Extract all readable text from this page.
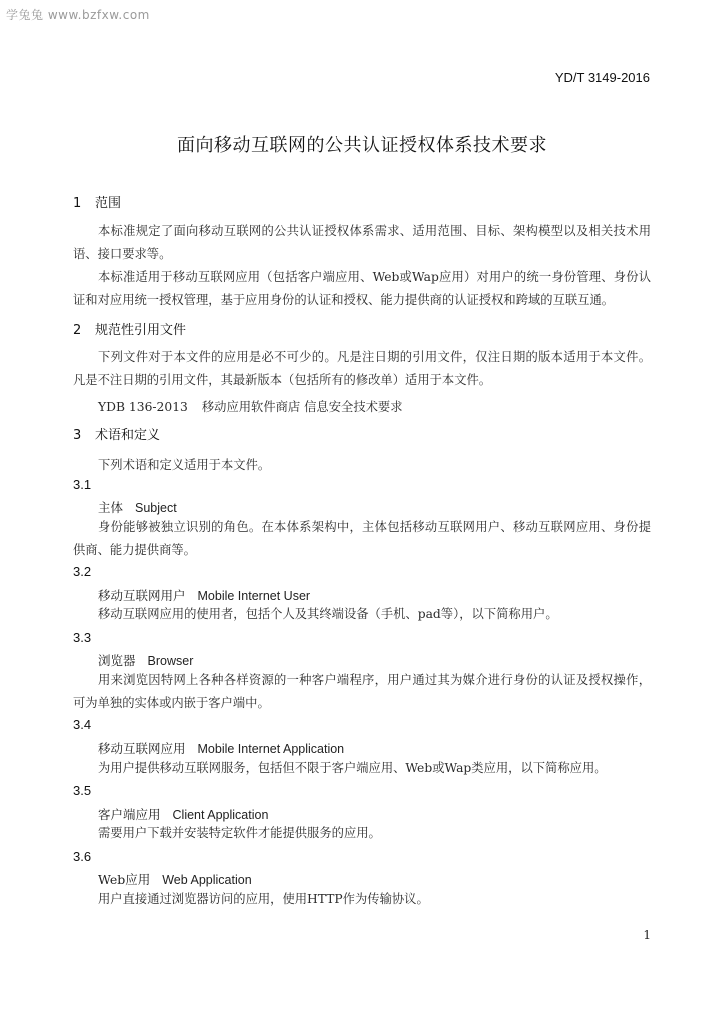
学兔兔 www.bzfxw.com
YD/T 3149-2016
面向移动互联网的公共认证授权体系技术要求
1 范围
本标准规定了面向移动互联网的公共认证授权体系需求、适用范围、目标、架构模型以及相关技术用语、接口要求等。
本标准适用于移动互联网应用（包括客户端应用、Web或Wap应用）对用户的统一身份管理、身份认证和对应用统一授权管理，基于应用身份的认证和授权、能力提供商的认证授权和跨域的互联互通。
2 规范性引用文件
下列文件对于本文件的应用是必不可少的。凡是注日期的引用文件，仅注日期的版本适用于本文件。凡是不注日期的引用文件，其最新版本（包括所有的修改单）适用于本文件。
YDB 136-2013 移动应用软件商店 信息安全技术要求
3 术语和定义
下列术语和定义适用于本文件。
3.1
主体 Subject
身份能够被独立识别的角色。在本体系架构中，主体包括移动互联网用户、移动互联网应用、身份提供商、能力提供商等。
3.2
移动互联网用户 Mobile Internet User
移动互联网应用的使用者，包括个人及其终端设备（手机、pad等），以下简称用户。
3.3
浏览器 Browser
用来浏览因特网上各种各样资源的一种客户端程序，用户通过其为媒介进行身份的认证及授权操作，可为单独的实体或内嵌于客户端中。
3.4
移动互联网应用 Mobile Internet Application
为用户提供移动互联网服务，包括但不限于客户端应用、Web或Wap类应用，以下简称应用。
3.5
客户端应用 Client Application
需要用户下载并安装特定软件才能提供服务的应用。
3.6
Web应用 Web Application
用户直接通过浏览器访问的应用，使用HTTP作为传输协议。
1
